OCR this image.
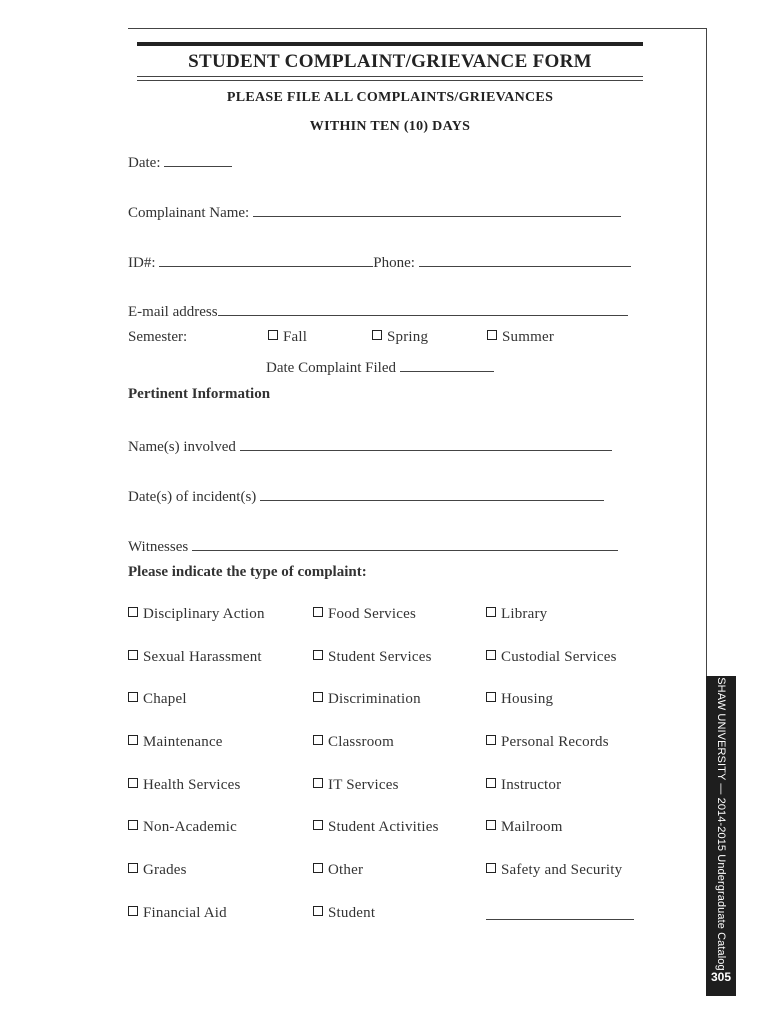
SHAW UNIVERSITY — 2014-2015 Undergraduate Catalog
305
STUDENT COMPLAINT/GRIEVANCE FORM
PLEASE FILE ALL COMPLAINTS/GRIEVANCES
WITHIN TEN (10) DAYS
Date:
Complainant Name:
ID#:	Phone:
E-mail address
Semester:	Fall	Spring	Summer
Date Complaint Filed
Pertinent Information
Name(s) involved
Date(s) of incident(s)
Witnesses
Please indicate the type of complaint:
Disciplinary Action
Sexual Harassment
Chapel
Maintenance
Health Services
Non-Academic
Grades
Financial Aid
Food Services
Student Services
Discrimination
Classroom
IT Services
Student Activities
Other
Student
Library
Custodial Services
Housing
Personal Records
Instructor
Mailroom
Safety and Security
